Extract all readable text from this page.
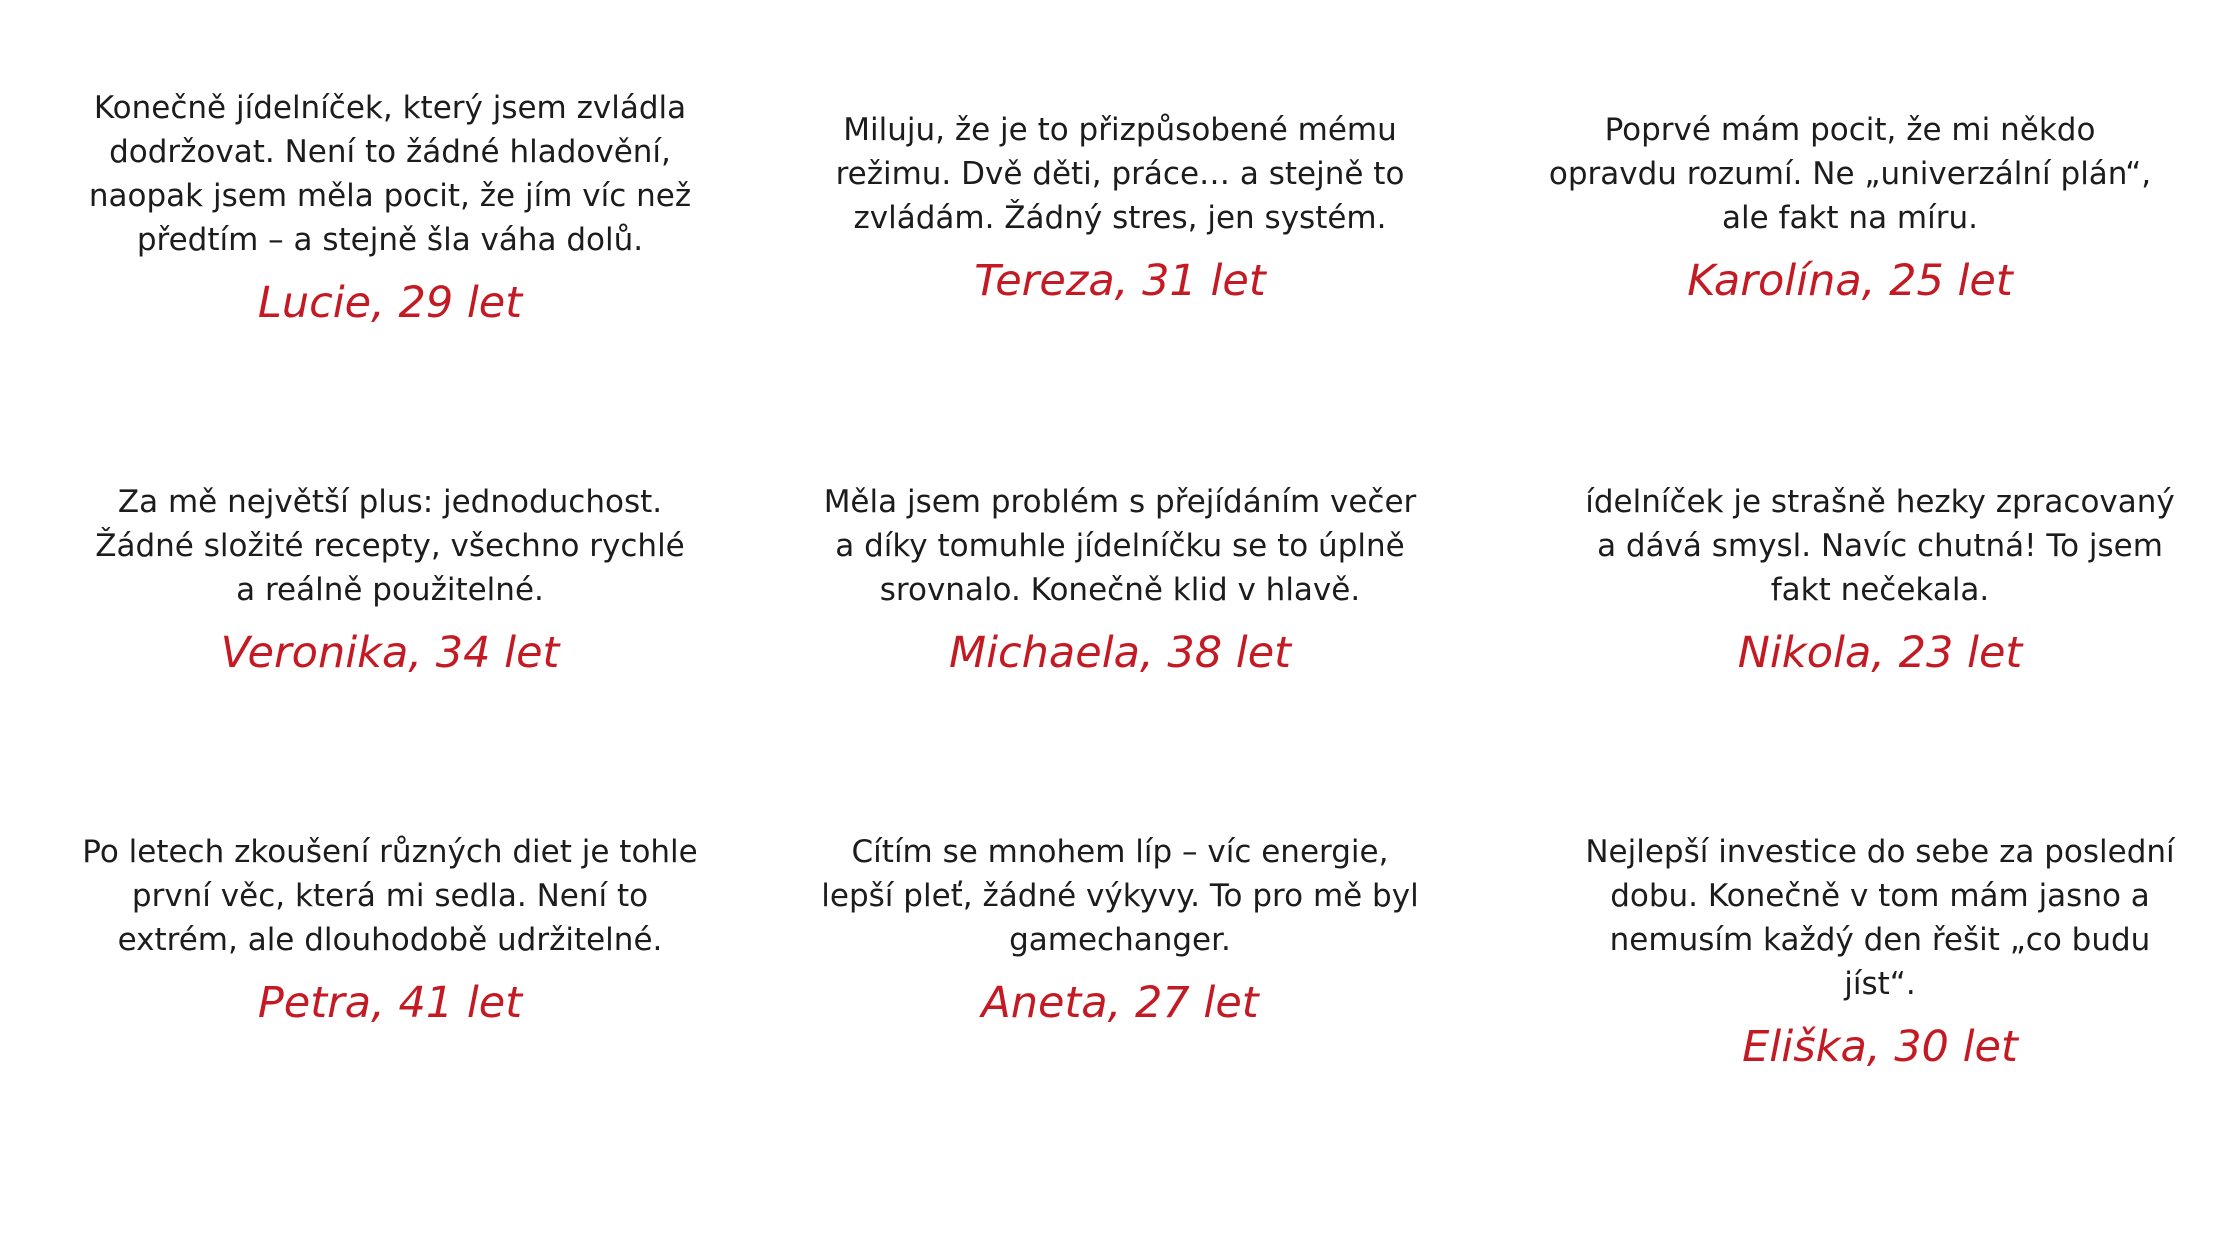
Konečně jídelníček, který jsem zvládla
dodržovat. Není to žádné hladovění,
naopak jsem měla pocit, že jím víc než
předtím – a stejně šla váha dolů.

Lucie, 29 let

Miluju, že je to přizpůsobené mému
režimu. Dvě děti, práce… a stejně to
zvládám. Žádný stres, jen systém.

Tereza, 31 let

Poprvé mám pocit, že mi někdo
opravdu rozumí. Ne „univerzální plán“,
ale fakt na míru.

Karolína, 25 let

Za mě největší plus: jednoduchost.
Žádné složité recepty, všechno rychlé
a reálně použitelné.

Veronika, 34 let

Měla jsem problém s přejídáním večer
a díky tomuhle jídelníčku se to úplně
srovnalo. Konečně klid v hlavě.

Michaela, 38 let

ídelníček je strašně hezky zpracovaný
a dává smysl. Navíc chutná! To jsem
fakt nečekala.

Nikola, 23 let

Po letech zkoušení různých diet je tohle
první věc, která mi sedla. Není to
extrém, ale dlouhodobě udržitelné.

Petra, 41 let

Cítím se mnohem líp – víc energie,
lepší pleť, žádné výkyvy. To pro mě byl
gamechanger.

Aneta, 27 let

Nejlepší investice do sebe za poslední
dobu. Konečně v tom mám jasno a
nemusím každý den řešit „co budu
jíst“.

Eliška, 30 let
